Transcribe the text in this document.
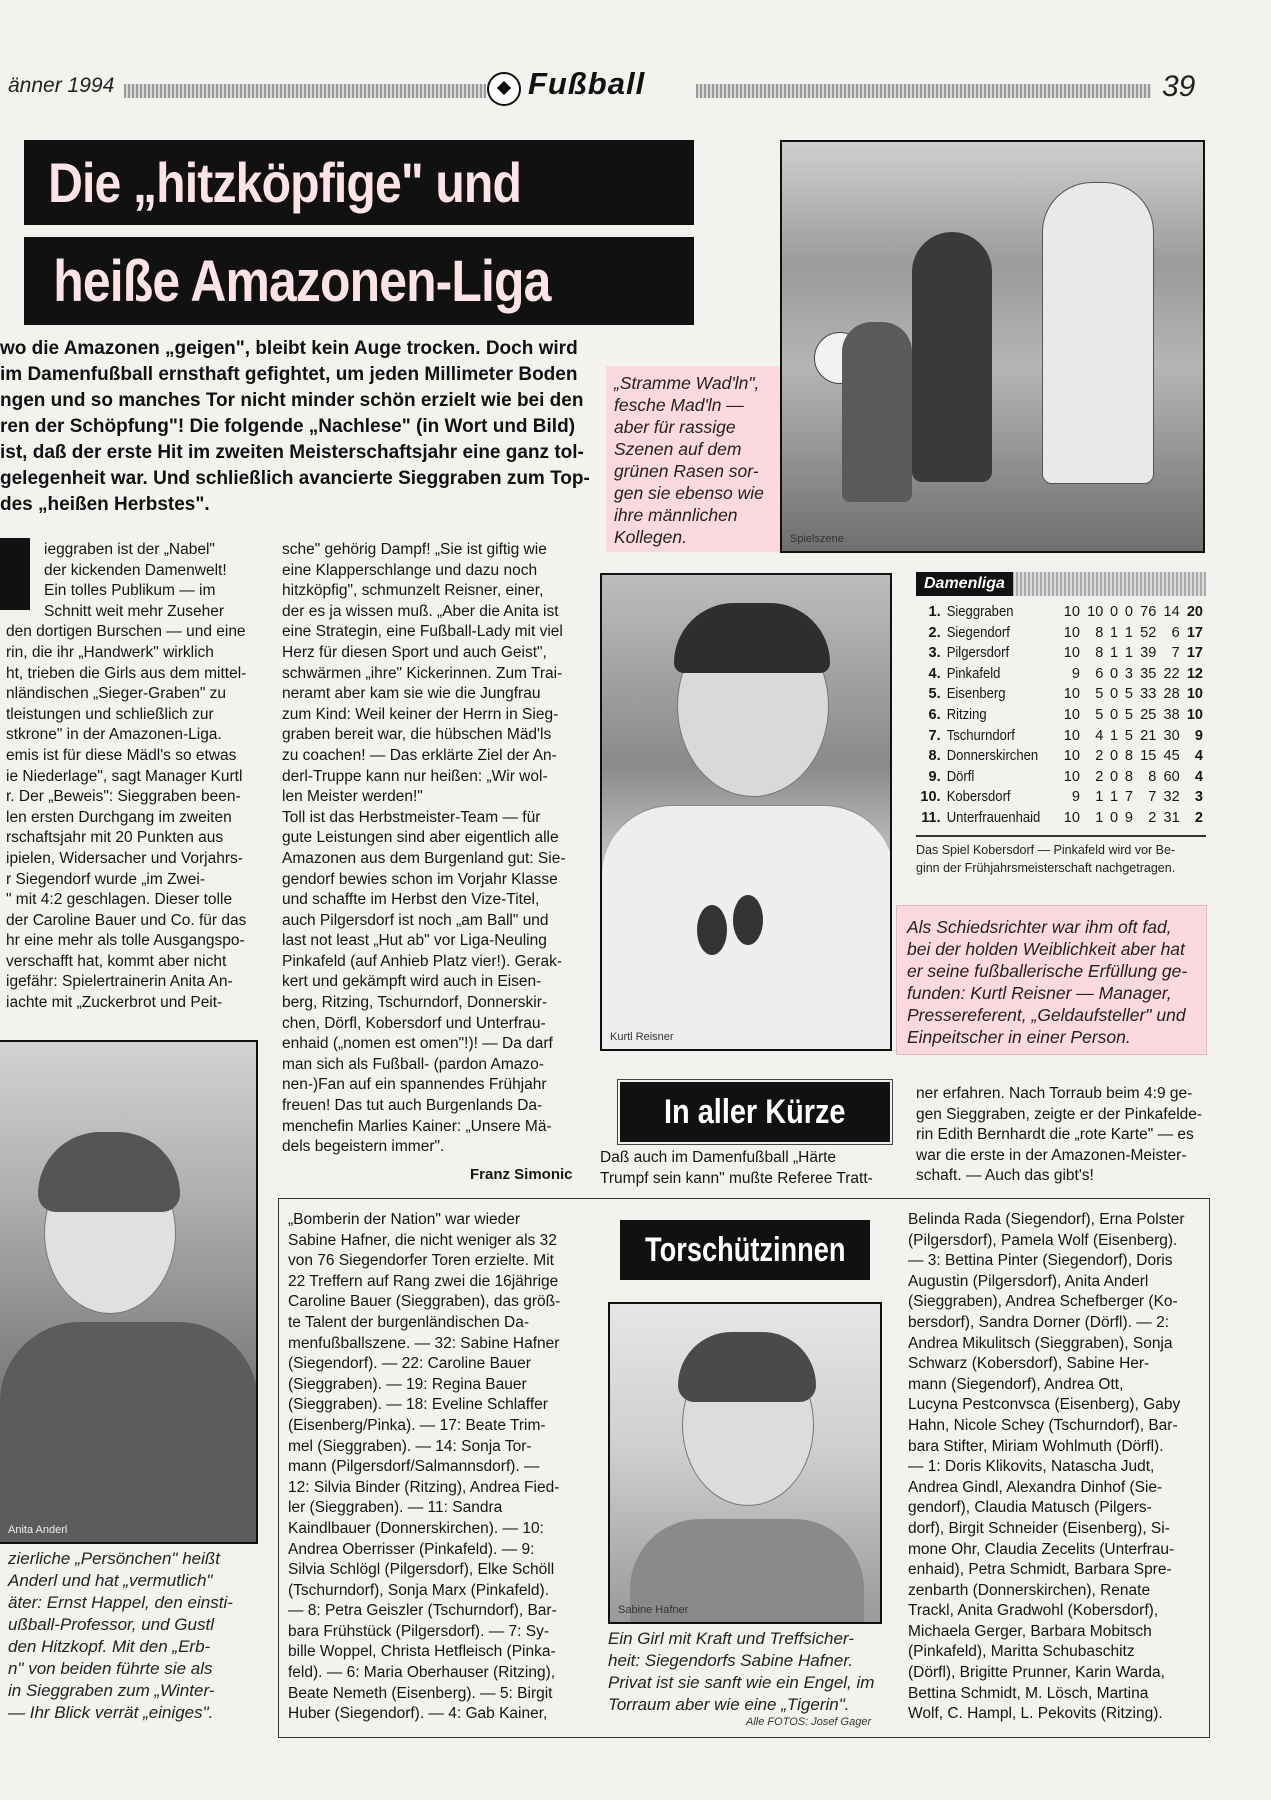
änner 1994	Fußball	39
Die „hitzköpfige" und
heiße Amazonen-Liga
wo die Amazonen „geigen", bleibt kein Auge trocken. Doch wird
im Damenfußball ernsthaft gefightet, um jeden Millimeter Boden
ngen und so manches Tor nicht minder schön erzielt wie bei den
ren der Schöpfung"! Die folgende „Nachlese" (in Wort und Bild)
ist, daß der erste Hit im zweiten Meisterschaftsjahr eine ganz tol-
gelegenheit war. Und schließlich avancierte Sieggraben zum Top-
des „heißen Herbstes".
Spielszene
„Stramme Wad'ln",
fesche Mad'ln —
aber für rassige
Szenen auf dem
grünen Rasen sor-
gen sie ebenso wie
ihre männlichen
Kollegen.
ieggraben ist der „Nabel"
der kickenden Damenwelt!
Ein tolles Publikum — im
Schnitt weit mehr Zuseher
den dortigen Burschen — und eine
rin, die ihr „Handwerk" wirklich
ht, trieben die Girls aus dem mittel-
nländischen „Sieger-Graben" zu
tleistungen und schließlich zur
stkrone" in der Amazonen-Liga.
emis ist für diese Mädl's so etwas
ie Niederlage", sagt Manager Kurtl
r. Der „Beweis": Sieggraben been-
len ersten Durchgang im zweiten
rschaftsjahr mit 20 Punkten aus
ipielen, Widersacher und Vorjahrs-
r Siegendorf wurde „im Zwei-
" mit 4:2 geschlagen. Dieser tolle
der Caroline Bauer und Co. für das
hr eine mehr als tolle Ausgangspo-
verschafft hat, kommt aber nicht
igefähr: Spielertrainerin Anita An-
iachte mit „Zuckerbrot und Peit-
sche" gehörig Dampf! „Sie ist giftig wie
eine Klapperschlange und dazu noch
hitzköpfig", schmunzelt Reisner, einer,
der es ja wissen muß. „Aber die Anita ist
eine Strategin, eine Fußball-Lady mit viel
Herz für diesen Sport und auch Geist",
schwärmen „ihre" Kickerinnen. Zum Trai-
neramt aber kam sie wie die Jungfrau
zum Kind: Weil keiner der Herrn in Sieg-
graben bereit war, die hübschen Mäd'ls
zu coachen! — Das erklärte Ziel der An-
derl-Truppe kann nur heißen: „Wir wol-
len Meister werden!"
Toll ist das Herbstmeister-Team — für
gute Leistungen sind aber eigentlich alle
Amazonen aus dem Burgenland gut: Sie-
gendorf bewies schon im Vorjahr Klasse
und schaffte im Herbst den Vize-Titel,
auch Pilgersdorf ist noch „am Ball" und
last not least „Hut ab" vor Liga-Neuling
Pinkafeld (auf Anhieb Platz vier!). Gerak-
kert und gekämpft wird auch in Eisen-
berg, Ritzing, Tschurndorf, Donnerskir-
chen, Dörfl, Kobersdorf und Unterfrau-
enhaid („nomen est omen"!)! — Da darf
man sich als Fußball- (pardon Amazo-
nen-)Fan auf ein spannendes Frühjahr
freuen! Das tut auch Burgenlands Da-
menchefin Marlies Kainer: „Unsere Mä-
dels begeistern immer".
Franz Simonic
Kurtl Reisner
Damenliga
1.	Sieggraben	10	10	0	0	76	14	20
2.	Siegendorf	10	8	1	1	52	6	17
3.	Pilgersdorf	10	8	1	1	39	7	17
4.	Pinkafeld	9	6	0	3	35	22	12
5.	Eisenberg	10	5	0	5	33	28	10
6.	Ritzing	10	5	0	5	25	38	10
7.	Tschurndorf	10	4	1	5	21	30	9
8.	Donnerskirchen	10	2	0	8	15	45	4
9.	Dörfl	10	2	0	8	8	60	4
10.	Kobersdorf	9	1	1	7	7	32	3
11.	Unterfrauenhaid	10	1	0	9	2	31	2
Das Spiel Kobersdorf — Pinkafeld wird vor Be-
ginn der Frühjahrsmeisterschaft nachgetragen.
Als Schiedsrichter war ihm oft fad,
bei der holden Weiblichkeit aber hat
er seine fußballerische Erfüllung ge-
funden: Kurtl Reisner — Manager,
Pressereferent, „Geldaufsteller" und
Einpeitscher in einer Person.
In aller Kürze
Daß auch im Damenfußball „Härte
Trumpf sein kann" mußte Referee Tratt-
ner erfahren. Nach Torraub beim 4:9 ge-
gen Sieggraben, zeigte er der Pinkafelde-
rin Edith Bernhardt die „rote Karte" — es
war die erste in der Amazonen-Meister-
schaft. — Auch das gibt's!
Anita Anderl
zierliche „Persönchen" heißt
Anderl und hat „vermutlich"
äter: Ernst Happel, den einsti-
ußball-Professor, und Gustl
den Hitzkopf. Mit den „Erb-
n" von beiden führte sie als
in Sieggraben zum „Winter-
— Ihr Blick verrät „einiges".
„Bomberin der Nation" war wieder
Sabine Hafner, die nicht weniger als 32
von 76 Siegendorfer Toren erzielte. Mit
22 Treffern auf Rang zwei die 16jährige
Caroline Bauer (Sieggraben), das größ-
te Talent der burgenländischen Da-
menfußballszene. — 32: Sabine Hafner
(Siegendorf). — 22: Caroline Bauer
(Sieggraben). — 19: Regina Bauer
(Sieggraben). — 18: Eveline Schlaffer
(Eisenberg/Pinka). — 17: Beate Trim-
mel (Sieggraben). — 14: Sonja Tor-
mann (Pilgersdorf/Salmannsdorf). —
12: Silvia Binder (Ritzing), Andrea Fied-
ler (Sieggraben). — 11: Sandra
Kaindlbauer (Donnerskirchen). — 10:
Andrea Oberrisser (Pinkafeld). — 9:
Silvia Schlögl (Pilgersdorf), Elke Schöll
(Tschurndorf), Sonja Marx (Pinkafeld).
— 8: Petra Geiszler (Tschurndorf), Bar-
bara Frühstück (Pilgersdorf). — 7: Sy-
bille Woppel, Christa Hetfleisch (Pinka-
feld). — 6: Maria Oberhauser (Ritzing),
Beate Nemeth (Eisenberg). — 5: Birgit
Huber (Siegendorf). — 4: Gab Kainer,
Torschützinnen
Sabine Hafner
Ein Girl mit Kraft und Treffsicher-
heit: Siegendorfs Sabine Hafner.
Privat ist sie sanft wie ein Engel, im
Torraum aber wie eine „Tigerin".
Alle FOTOS: Josef Gager
Belinda Rada (Siegendorf), Erna Polster
(Pilgersdorf), Pamela Wolf (Eisenberg).
— 3: Bettina Pinter (Siegendorf), Doris
Augustin (Pilgersdorf), Anita Anderl
(Sieggraben), Andrea Schefberger (Ko-
bersdorf), Sandra Dorner (Dörfl). — 2:
Andrea Mikulitsch (Sieggraben), Sonja
Schwarz (Kobersdorf), Sabine Her-
mann (Siegendorf), Andrea Ott,
Lucyna Pestconvsca (Eisenberg), Gaby
Hahn, Nicole Schey (Tschurndorf), Bar-
bara Stifter, Miriam Wohlmuth (Dörfl).
— 1: Doris Klikovits, Natascha Judt,
Andrea Gindl, Alexandra Dinhof (Sie-
gendorf), Claudia Matusch (Pilgers-
dorf), Birgit Schneider (Eisenberg), Si-
mone Ohr, Claudia Zecelits (Unterfrau-
enhaid), Petra Schmidt, Barbara Spre-
zenbarth (Donnerskirchen), Renate
Trackl, Anita Gradwohl (Kobersdorf),
Michaela Gerger, Barbara Mobitsch
(Pinkafeld), Maritta Schubaschitz
(Dörfl), Brigitte Prunner, Karin Warda,
Bettina Schmidt, M. Lösch, Martina
Wolf, C. Hampl, L. Pekovits (Ritzing).
